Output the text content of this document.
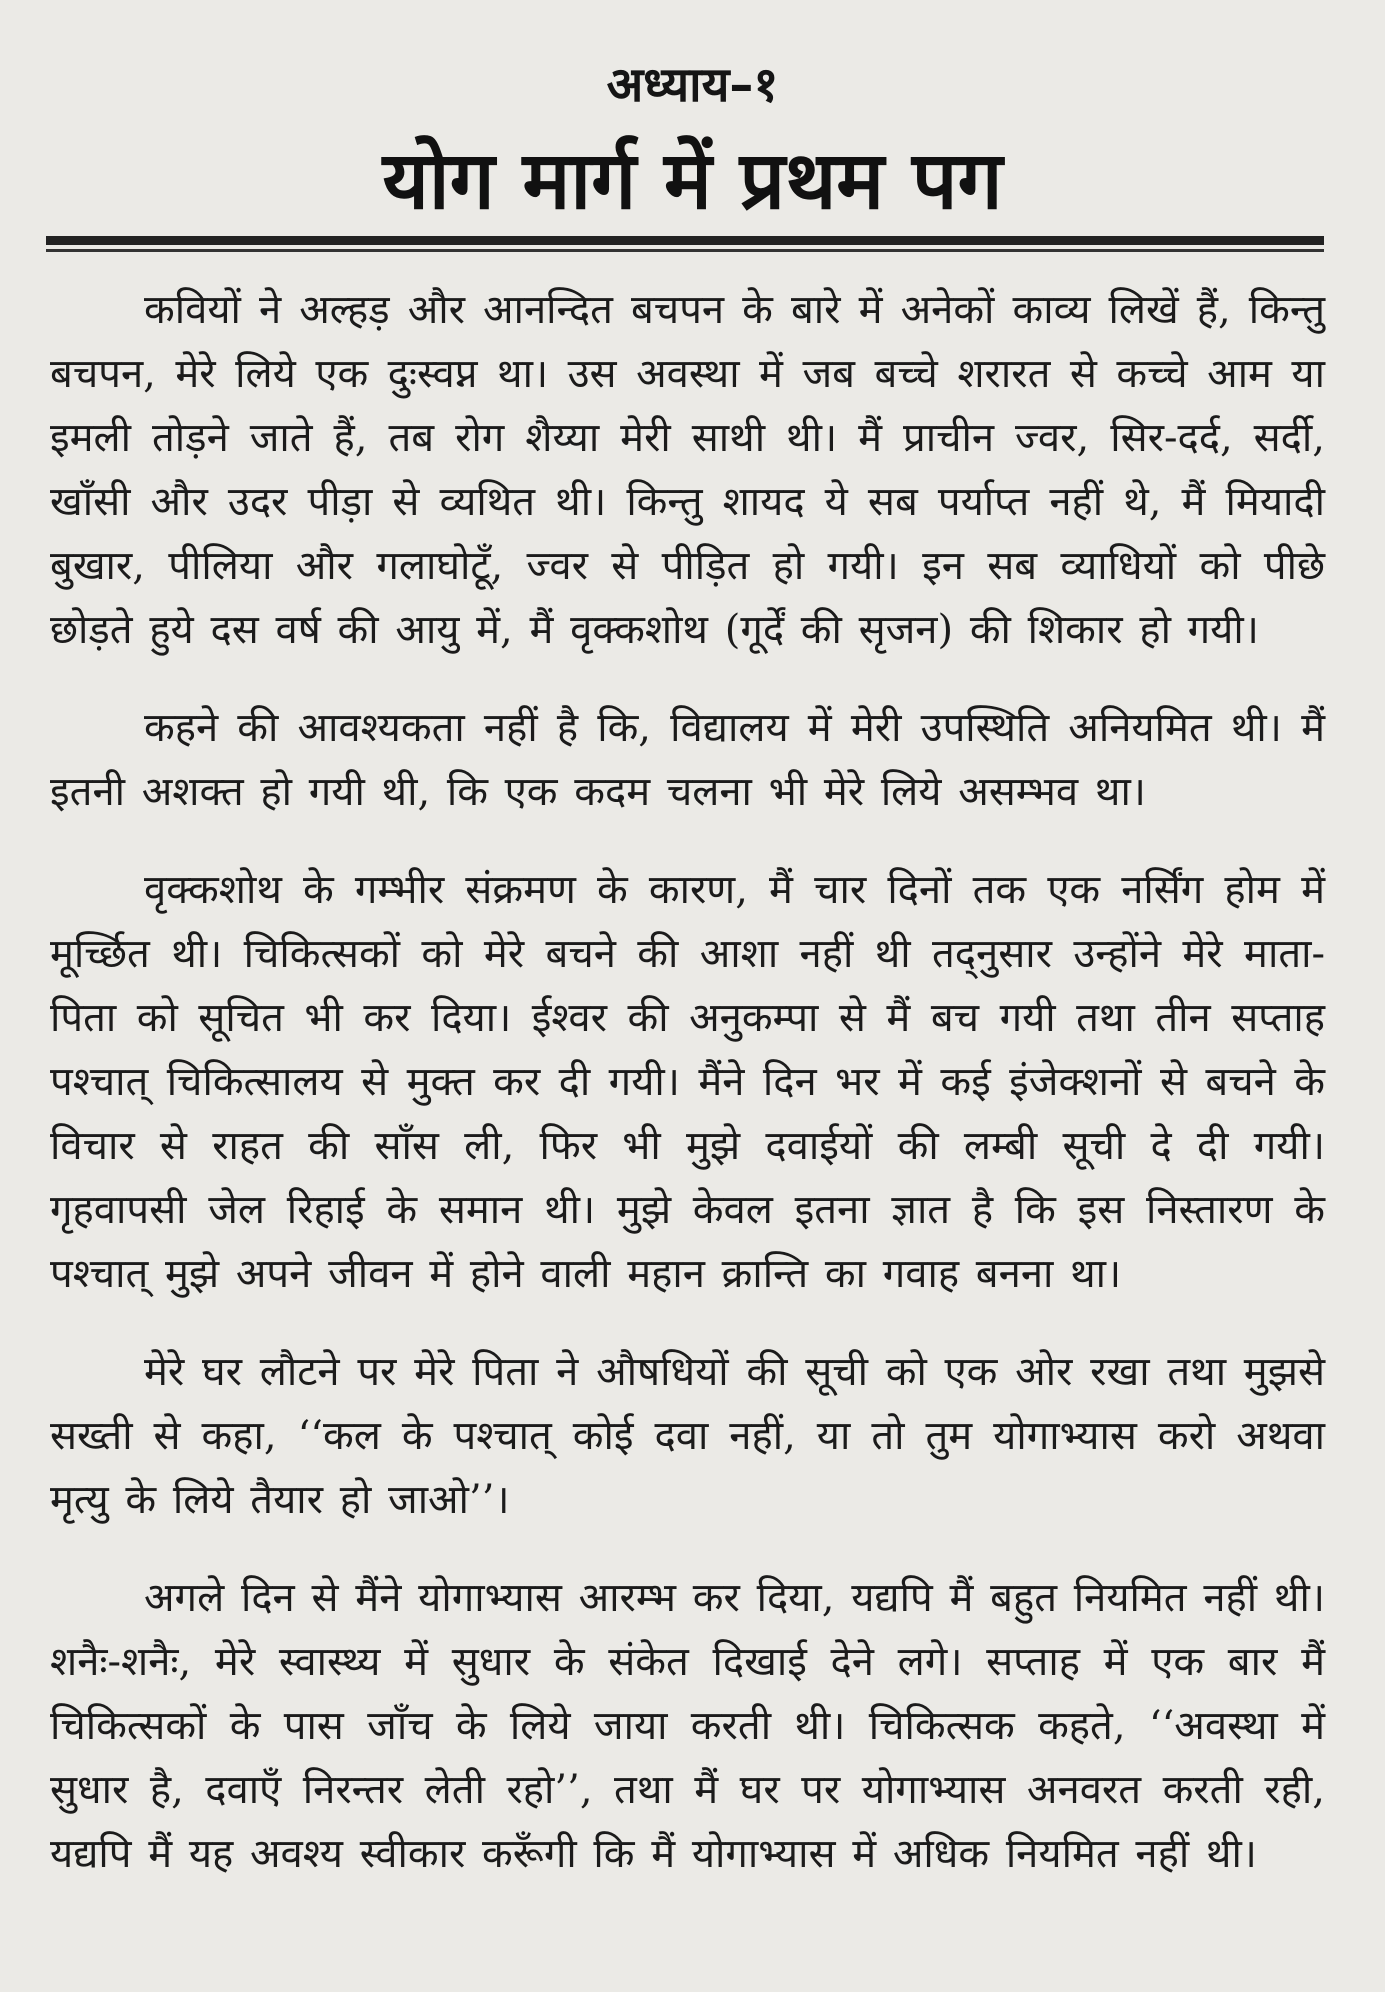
अध्याय–१
योग मार्ग में प्रथम पग

कवियों ने अल्हड़ और आनन्दित बचपन के बारे में अनेकों काव्य लिखें हैं, किन्तु बचपन, मेरे लिये एक दुःस्वप्न था। उस अवस्था में जब बच्चे शरारत से कच्चे आम या इमली तोड़ने जाते हैं, तब रोग शैय्या मेरी साथी थी। मैं प्राचीन ज्वर, सिर-दर्द, सर्दी, खाँसी और उदर पीड़ा से व्यथित थी। किन्तु शायद ये सब पर्याप्त नहीं थे, मैं मियादी बुखार, पीलिया और गलाघोटूँ, ज्वर से पीड़ित हो गयी। इन सब व्याधियों को पीछे छोड़ते हुये दस वर्ष की आयु में, मैं वृक्कशोथ (गूर्दें की सृजन) की शिकार हो गयी।

कहने की आवश्यकता नहीं है कि, विद्यालय में मेरी उपस्थिति अनियमित थी। मैं इतनी अशक्त हो गयी थी, कि एक कदम चलना भी मेरे लिये असम्भव था।

वृक्कशोथ के गम्भीर संक्रमण के कारण, मैं चार दिनों तक एक नर्सिंग होम में मूर्च्छित थी। चिकित्सकों को मेरे बचने की आशा नहीं थी तद्नुसार उन्होंने मेरे माता-पिता को सूचित भी कर दिया। ईश्वर की अनुकम्पा से मैं बच गयी तथा तीन सप्ताह पश्चात् चिकित्सालय से मुक्त कर दी गयी। मैंने दिन भर में कई इंजेक्शनों से बचने के विचार से राहत की साँस ली, फिर भी मुझे दवाईयों की लम्बी सूची दे दी गयी। गृहवापसी जेल रिहाई के समान थी। मुझे केवल इतना ज्ञात है कि इस निस्तारण के पश्चात् मुझे अपने जीवन में होने वाली महान क्रान्ति का गवाह बनना था।

मेरे घर लौटने पर मेरे पिता ने औषधियों की सूची को एक ओर रखा तथा मुझसे सख्ती से कहा, ‘‘कल के पश्चात् कोई दवा नहीं, या तो तुम योगाभ्यास करो अथवा मृत्यु के लिये तैयार हो जाओ’’।

अगले दिन से मैंने योगाभ्यास आरम्भ कर दिया, यद्यपि मैं बहुत नियमित नहीं थी। शनैः-शनैः, मेरे स्वास्थ्य में सुधार के संकेत दिखाई देने लगे। सप्ताह में एक बार मैं चिकित्सकों के पास जाँच के लिये जाया करती थी। चिकित्सक कहते, ‘‘अवस्था में सुधार है, दवाएँ निरन्तर लेती रहो’’, तथा मैं घर पर योगाभ्यास अनवरत करती रही, यद्यपि मैं यह अवश्य स्वीकार करूँगी कि मैं योगाभ्यास में अधिक नियमित नहीं थी।
